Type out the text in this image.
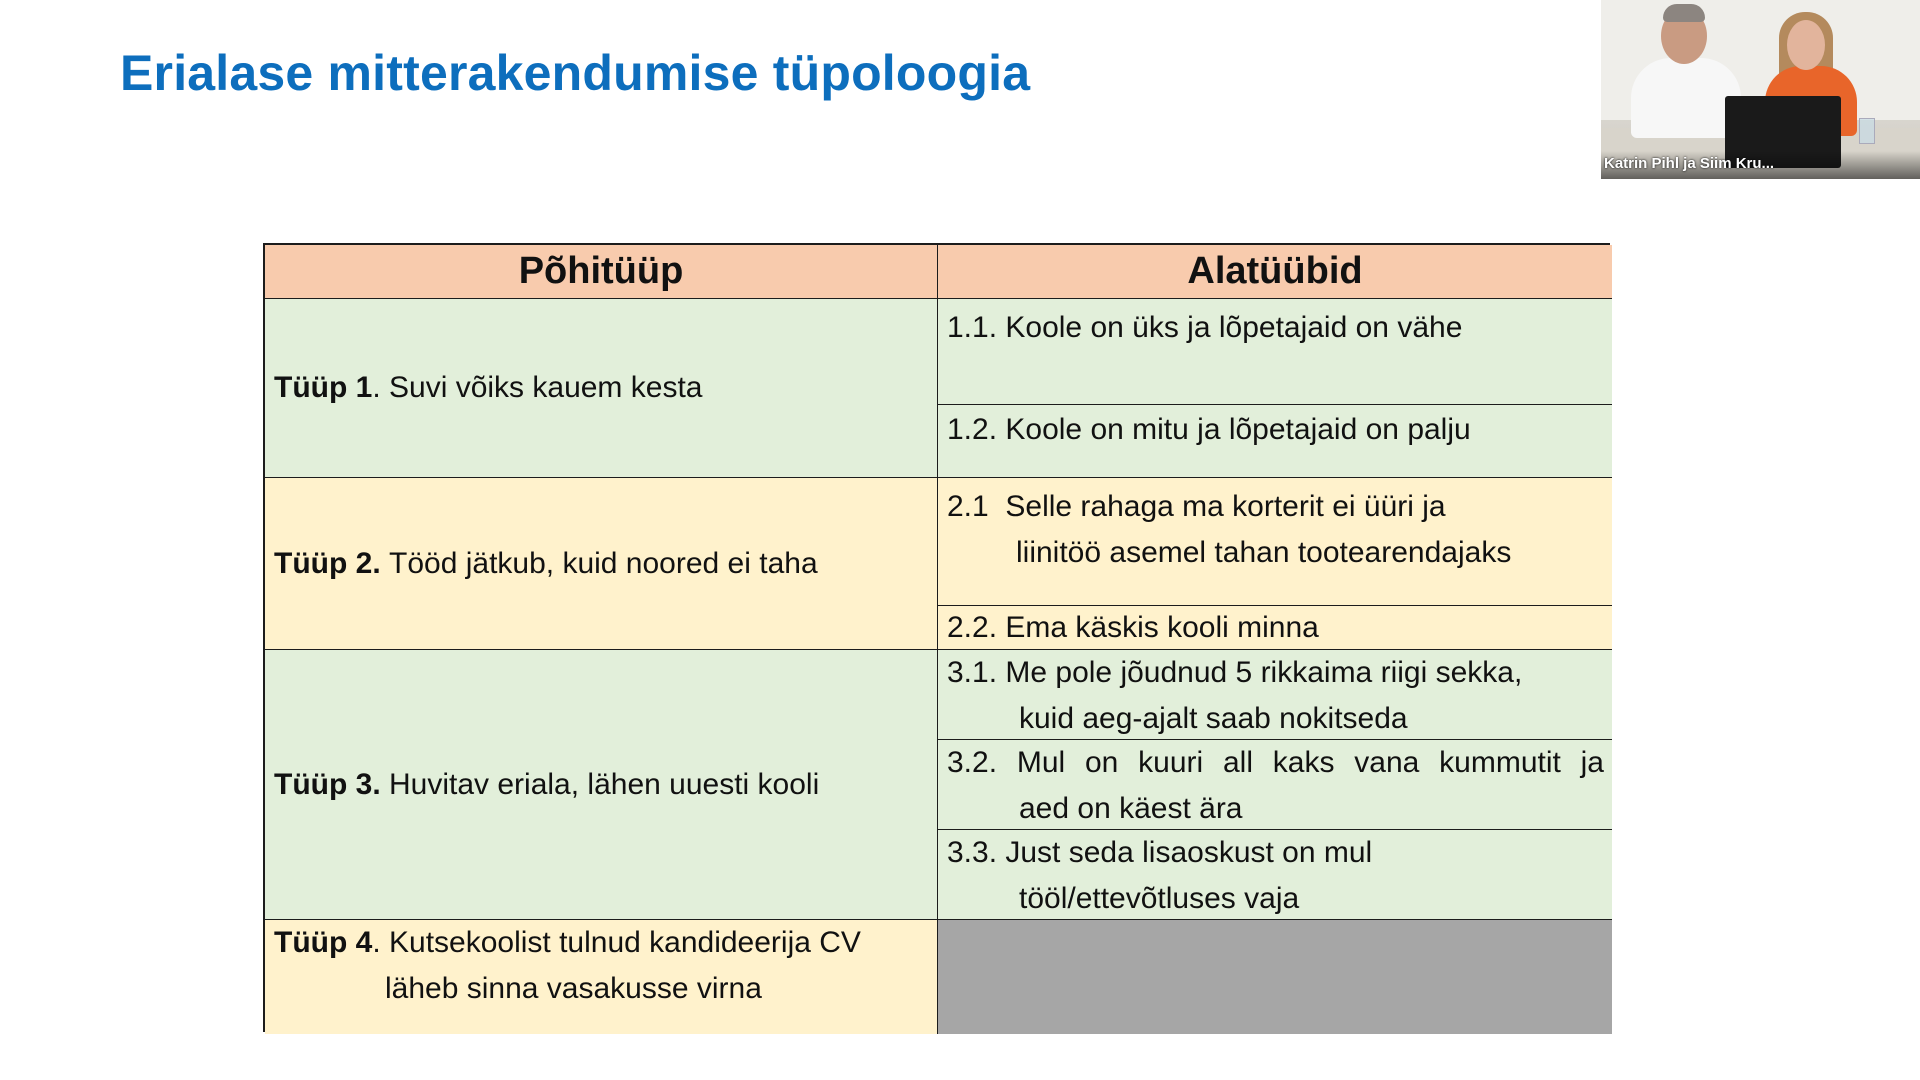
Erialase mitterakendumise tüpoloogia
Katrin Pihl ja Siim Kru...
Põhitüüp	Alatüübid
Tüüp 1 . Suvi võiks kauem kesta
1.1. Koole on üks ja lõpetajaid on vähe
1.2. Koole on mitu ja lõpetajaid on palju
Tüüp 2.
Tööd jätkub, kuid noored ei taha
2.1  Selle rahaga ma korterit ei üüri ja
liinitöö asemel tahan tootearendajaks
2.2. Ema käskis kooli minna
Tüüp 3.
Huvitav eriala, lähen uuesti kooli
3.1. Me pole jõudnud 5 rikkaima riigi sekka,
kuid aeg-ajalt saab nokitseda
3.2. Mul on kuuri all kaks vana kummutit ja
aed on käest ära
3.3. Just seda lisaoskust on mul
tööl/ettevõtluses vaja
Tüüp 4. Kutsekoolist tulnud kandideerija CV
läheb sinna vasakusse virna
